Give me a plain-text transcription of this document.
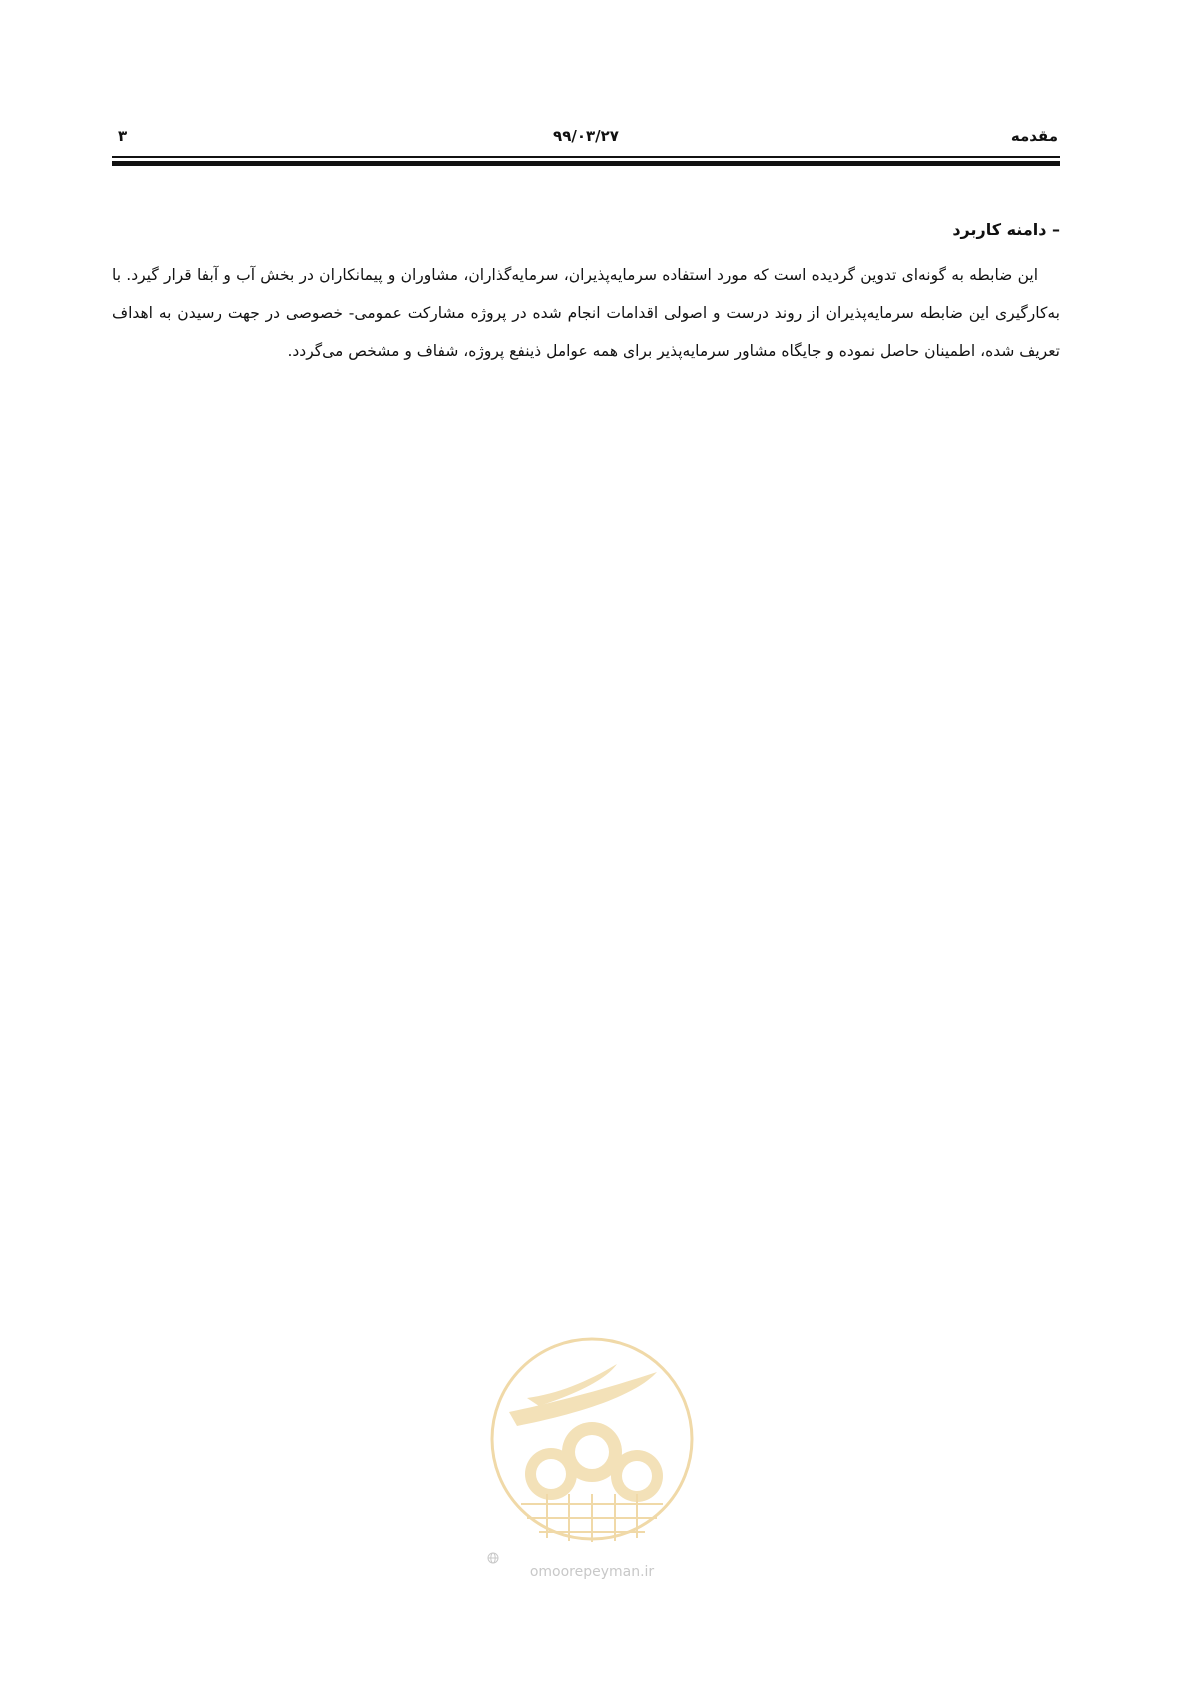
۳	۹۹/۰۳/۲۷	مقدمه
– دامنه کاربرد

این ضابطه به گونه‌ای تدوین گردیده است که مورد استفاده سرمایه‌پذیران، سرمایه‌گذاران، مشاوران و پیمانکاران در بخش آب و آبفا قرار گیرد. با به‌کارگیری این ضابطه سرمایه‌پذیران از روند درست و اصولی اقدامات انجام شده در پروژه مشارکت عمومی- خصوصی در جهت رسیدن به اهداف تعریف شده، اطمینان حاصل نموده و جایگاه مشاور سرمایه‌پذیر برای همه عوامل ذینفع پروژه، شفاف و مشخص می‌گردد.

omoorepeyman.ir
